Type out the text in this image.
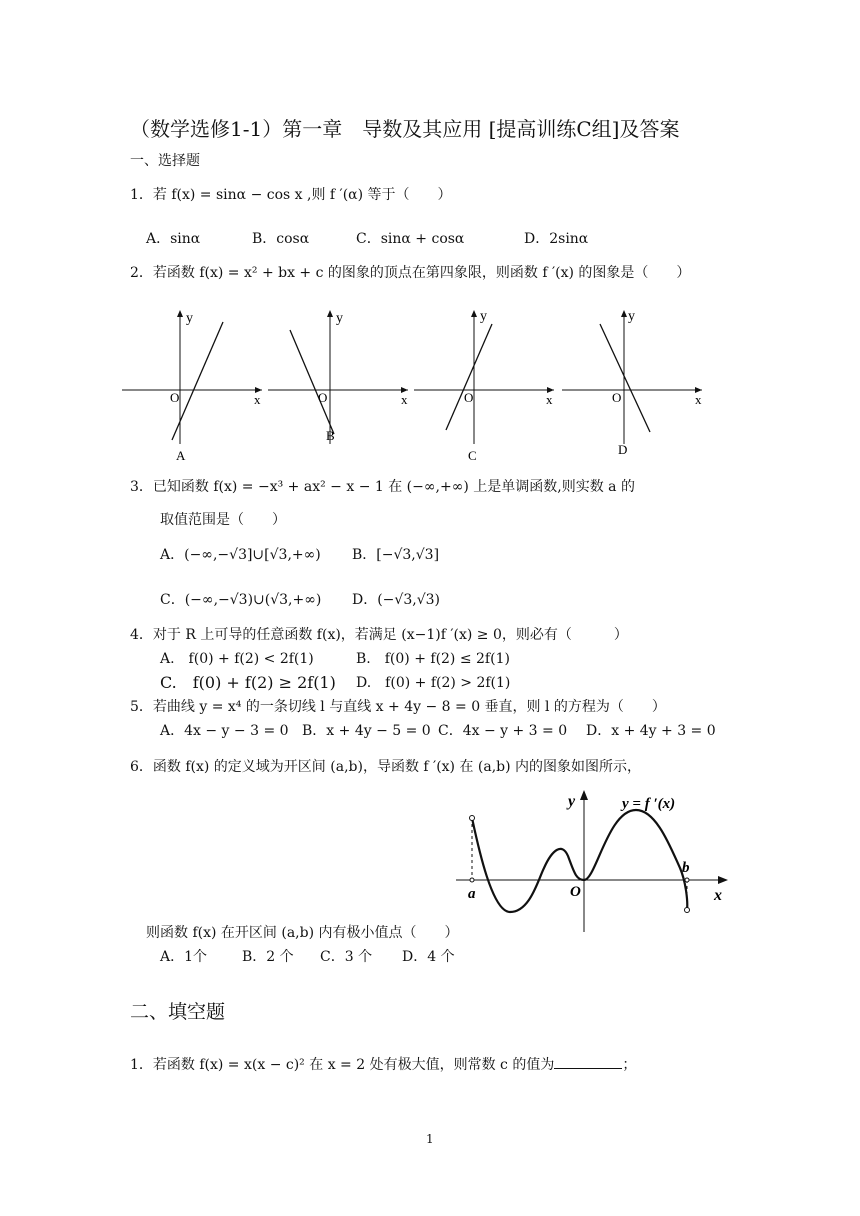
（数学选修1-1）第一章　导数及其应用 [提高训练C组]及答案
一、选择题
1．若 f(x) = sinα − cos x ,则 f ′(α) 等于（　　）
A．sinα	B．cosα	C．sinα + cosα	D．2sinα
2．若函数 f(x) = x² + bx + c 的图象的顶点在第四象限，则函数 f ′(x) 的图象是（　　）
y
x
O
A
y
x
O
B
y
x
O
C
y
x
O
D
3．已知函数 f(x) = −x³ + ax² − x − 1 在 (−∞,+∞) 上是单调函数,则实数 a 的
取值范围是（　　）
A．(−∞,−√3]∪[√3,+∞) B．[−√3,√3]
C．(−∞,−√3)∪(√3,+∞) D．(−√3,√3)
4．对于 R 上可导的任意函数 f(x)，若满足 (x−1)f ′(x) ≥ 0，则必有（　　　）
A.　f(0) + f(2) < 2f(1)	B.　f(0) + f(2) ≤ 2f(1)
C.　f(0) + f(2) ≥ 2f(1) D.　f(0) + f(2) > 2f(1)
5．若曲线 y = x⁴ 的一条切线 l 与直线 x + 4y − 8 = 0 垂直，则 l 的方程为（　　）
A．4x − y − 3 = 0 B．x + 4y − 5 = 0 C．4x − y + 3 = 0 D．x + 4y + 3 = 0
6．函数 f(x) 的定义域为开区间 (a,b)，导函数 f ′(x) 在 (a,b) 内的图象如图所示，
y	y = f ′(x)
a
b
O	x
则函数 f(x) 在开区间 (a,b) 内有极小值点（　　）
A．1个 B．2 个 C．3 个 D．4 个
二、填空题
1．若函数 f(x) = x(x − c)² 在 x = 2 处有极大值，则常数 c 的值为	；
1
